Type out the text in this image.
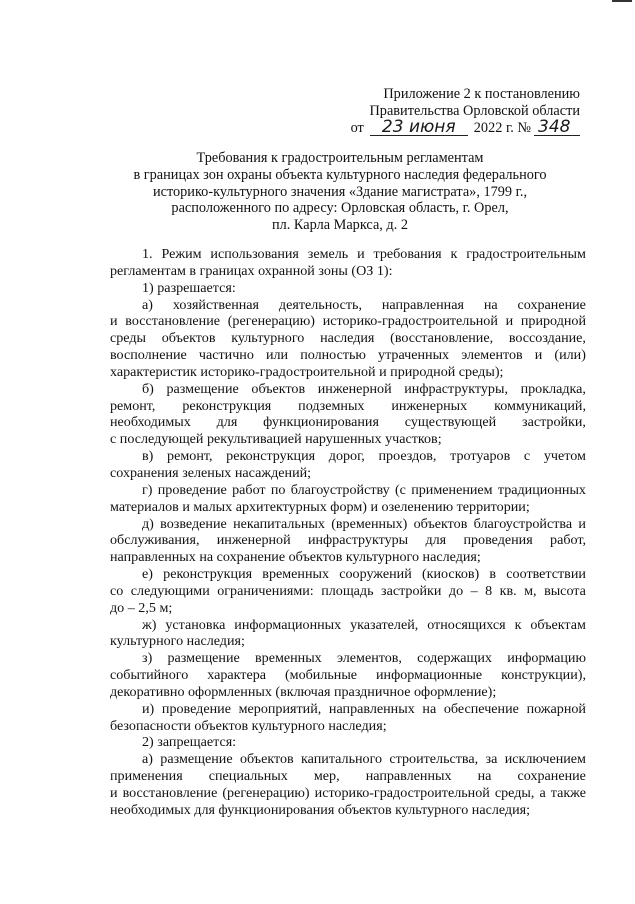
Приложение 2 к постановлению
Правительства Орловской области
от	23 июня	2022 г. № 348
Требования к градостроительным регламентам
в границах зон охраны объекта культурного наследия федерального
историко-культурного значения «Здание магистрата», 1799 г.,
расположенного по адресу: Орловская область, г. Орел,
пл. Карла Маркса, д. 2
1. Режим использования земель и требования к градостроительным
регламентам в границах охранной зоны (ОЗ 1):
1) разрешается:
а) хозяйственная деятельность, направленная на сохранение
и восстановление (регенерацию) историко-градостроительной и природной
среды объектов культурного наследия (восстановление, воссоздание,
восполнение частично или полностью утраченных элементов и (или)
характеристик историко-градостроительной и природной среды);
б) размещение объектов инженерной инфраструктуры, прокладка,
ремонт, реконструкция подземных инженерных коммуникаций,
необходимых для функционирования существующей застройки,
с последующей рекультивацией нарушенных участков;
в) ремонт, реконструкция дорог, проездов, тротуаров с учетом
сохранения зеленых насаждений;
г) проведение работ по благоустройству (с применением традиционных
материалов и малых архитектурных форм) и озеленению территории;
д) возведение некапитальных (временных) объектов благоустройства и
обслуживания, инженерной инфраструктуры для проведения работ,
направленных на сохранение объектов культурного наследия;
е) реконструкция временных сооружений (киосков) в соответствии
со следующими ограничениями: площадь застройки до – 8 кв. м, высота
до – 2,5 м;
ж) установка информационных указателей, относящихся к объектам
культурного наследия;
з) размещение временных элементов, содержащих информацию
событийного характера (мобильные информационные конструкции),
декоративно оформленных (включая праздничное оформление);
и) проведение мероприятий, направленных на обеспечение пожарной
безопасности объектов культурного наследия;
2) запрещается:
а) размещение объектов капитального строительства, за исключением
применения специальных мер, направленных на сохранение
и восстановление (регенерацию) историко-градостроительной среды, а также
необходимых для функционирования объектов культурного наследия;
